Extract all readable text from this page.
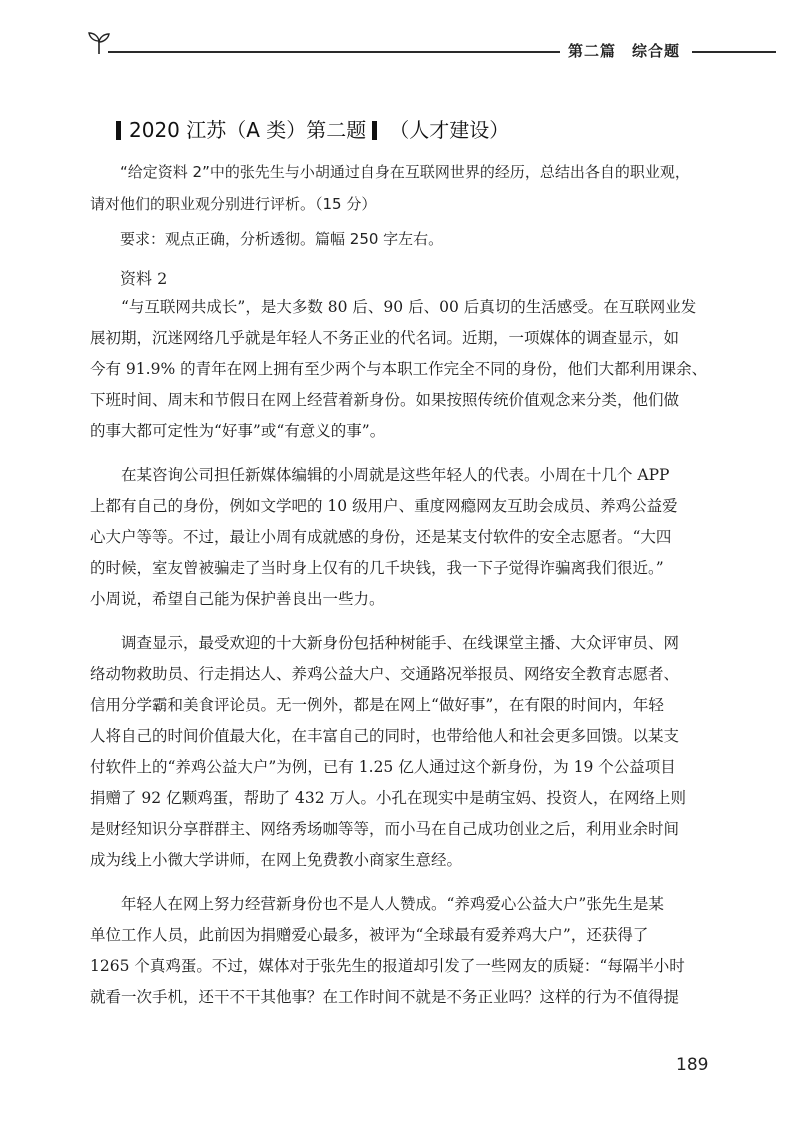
第二篇 综合题
2020 江苏（A 类）第二题 （人才建设）
“给定资料 2”中的张先生与小胡通过自身在互联网世界的经历，总结出各自的职业观，
请对他们的职业观分别进行评析。（15 分）
要求：观点正确，分析透彻。篇幅 250 字左右。
资料 2
“与互联网共成长”，是大多数 80 后、90 后、00 后真切的生活感受。在互联网业发
展初期，沉迷网络几乎就是年轻人不务正业的代名词。近期，一项媒体的调查显示，如
今有 91.9% 的青年在网上拥有至少两个与本职工作完全不同的身份，他们大都利用课余、
下班时间、周末和节假日在网上经营着新身份。如果按照传统价值观念来分类，他们做
的事大都可定性为“好事”或“有意义的事”。
在某咨询公司担任新媒体编辑的小周就是这些年轻人的代表。小周在十几个 APP
上都有自己的身份，例如文学吧的 10 级用户、重度网瘾网友互助会成员、养鸡公益爱
心大户等等。不过，最让小周有成就感的身份，还是某支付软件的安全志愿者。“大四
的时候，室友曾被骗走了当时身上仅有的几千块钱，我一下子觉得诈骗离我们很近。”
小周说，希望自己能为保护善良出一些力。
调查显示，最受欢迎的十大新身份包括种树能手、在线课堂主播、大众评审员、网
络动物救助员、行走捐达人、养鸡公益大户、交通路况举报员、网络安全教育志愿者、
信用分学霸和美食评论员。无一例外，都是在网上“做好事”，在有限的时间内，年轻
人将自己的时间价值最大化，在丰富自己的同时，也带给他人和社会更多回馈。以某支
付软件上的“养鸡公益大户”为例，已有 1.25 亿人通过这个新身份，为 19 个公益项目
捐赠了 92 亿颗鸡蛋，帮助了 432 万人。小孔在现实中是萌宝妈、投资人，在网络上则
是财经知识分享群群主、网络秀场咖等等，而小马在自己成功创业之后，利用业余时间
成为线上小微大学讲师，在网上免费教小商家生意经。
年轻人在网上努力经营新身份也不是人人赞成。“养鸡爱心公益大户”张先生是某
单位工作人员，此前因为捐赠爱心最多，被评为“全球最有爱养鸡大户”，还获得了
1265 个真鸡蛋。不过，媒体对于张先生的报道却引发了一些网友的质疑：“每隔半小时
就看一次手机，还干不干其他事？在工作时间不就是不务正业吗？这样的行为不值得提
189
